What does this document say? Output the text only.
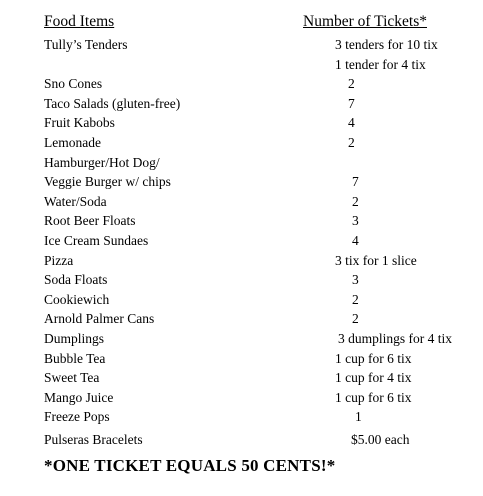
Food Items	Number of Tickets*
Tully’s Tenders	3 tenders for 10 tix
1 tender for 4 tix
Sno Cones	2
Taco Salads (gluten-free)	7
Fruit Kabobs	4
Lemonade	2
Hamburger/Hot Dog/
Veggie Burger w/ chips	7
Water/Soda	2
Root Beer Floats	3
Ice Cream Sundaes	4
Pizza	3 tix for 1 slice
Soda Floats	3
Cookiewich	2
Arnold Palmer Cans	2
Dumplings	3 dumplings for 4 tix
Bubble Tea	1 cup for 6 tix
Sweet Tea	1 cup for 4 tix
Mango Juice	1 cup for 6 tix
Freeze Pops	1
Pulseras Bracelets	$5.00 each
*ONE TICKET EQUALS 50 CENTS!*
